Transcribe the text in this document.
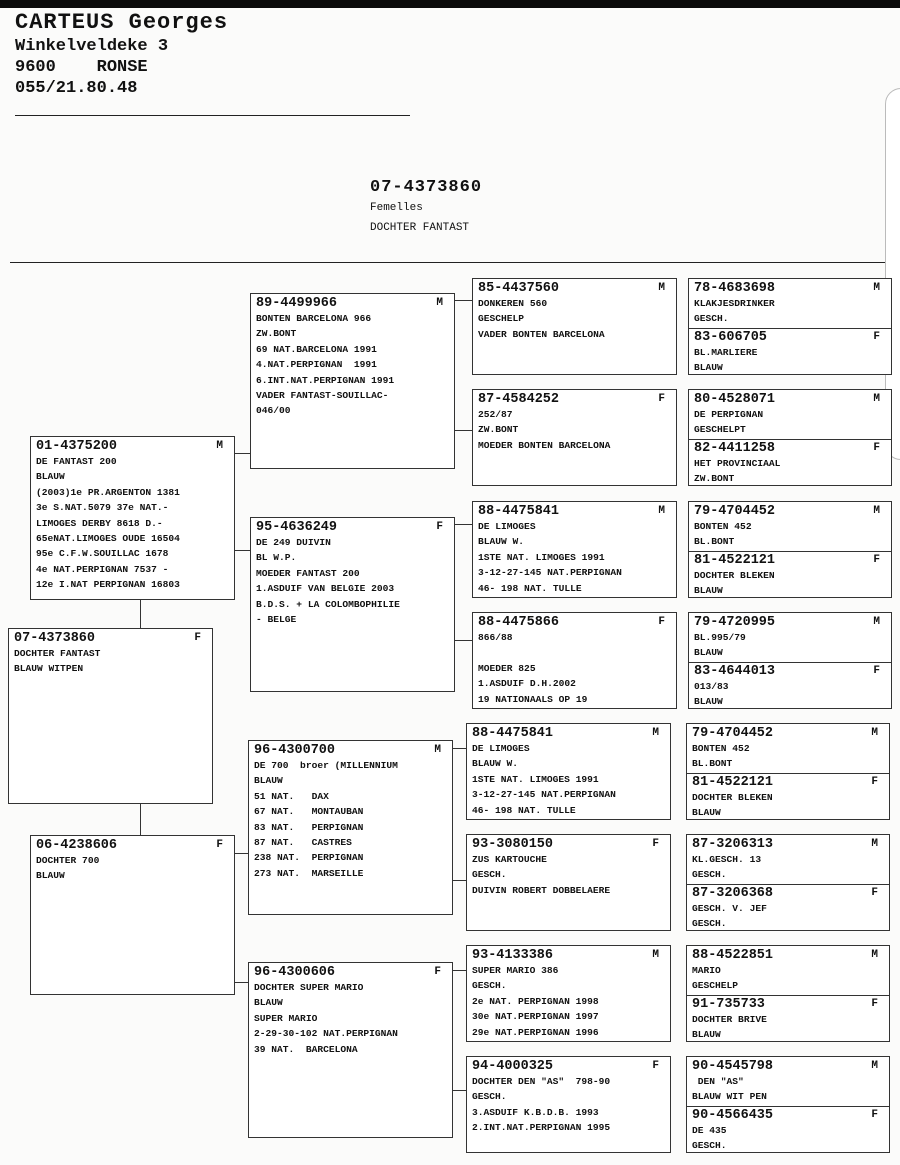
CARTEUS Georges
Winkelveldeke 3
9600 RONSE
055/21.80.48
07-4373860
Femelles
DOCHTER FANTAST
07-4373860	F
DOCHTER FANTAST
BLAUW WITPEN
01-4375200	M
DE FANTAST 200
BLAUW
(2003)1e PR.ARGENTON 1381
3e S.NAT.5079 37e NAT.-
LIMOGES DERBY 8618 D.-
65eNAT.LIMOGES OUDE 16504
95e C.F.W.SOUILLAC 1678
4e NAT.PERPIGNAN 7537 -
12e I.NAT PERPIGNAN 16803
06-4238606	F
DOCHTER 700
BLAUW
89-4499966	M
BONTEN BARCELONA 966
ZW.BONT
69 NAT.BARCELONA 1991
4.NAT.PERPIGNAN  1991
6.INT.NAT.PERPIGNAN 1991
VADER FANTAST-SOUILLAC-
046/00
95-4636249	F
DE 249 DUIVIN
BL W.P.
MOEDER FANTAST 200
1.ASDUIF VAN BELGIE 2003
B.D.S. + LA COLOMBOPHILIE
- BELGE
96-4300700	M
DE 700  broer (MILLENNIUM
BLAUW
51 NAT.   DAX
67 NAT.   MONTAUBAN
83 NAT.   PERPIGNAN
87 NAT.   CASTRES
238 NAT.  PERPIGNAN
273 NAT.  MARSEILLE
96-4300606	F
DOCHTER SUPER MARIO
BLAUW
SUPER MARIO
2-29-30-102 NAT.PERPIGNAN
39 NAT.  BARCELONA
85-4437560	M
DONKEREN 560
GESCHELP
VADER BONTEN BARCELONA
87-4584252	F
252/87
ZW.BONT
MOEDER BONTEN BARCELONA
88-4475841	M
DE LIMOGES
BLAUW W.
1STE NAT. LIMOGES 1991
3-12-27-145 NAT.PERPIGNAN
46- 198 NAT. TULLE
88-4475866	F
866/88

MOEDER 825
1.ASDUIF D.H.2002
19 NATIONAALS OP 19
88-4475841	M
DE LIMOGES
BLAUW W.
1STE NAT. LIMOGES 1991
3-12-27-145 NAT.PERPIGNAN
46- 198 NAT. TULLE
93-3080150	F
ZUS KARTOUCHE
GESCH.
DUIVIN ROBERT DOBBELAERE
93-4133386	M
SUPER MARIO 386
GESCH.
2e NAT. PERPIGNAN 1998
30e NAT.PERPIGNAN 1997
29e NAT.PERPIGNAN 1996
94-4000325	F
DOCHTER DEN "AS"  798-90
GESCH.
3.ASDUIF K.B.D.B. 1993
2.INT.NAT.PERPIGNAN 1995
78-4683698	M
KLAKJESDRINKER
GESCH.
83-606705	F
BL.MARLIERE
BLAUW
80-4528071	M
DE PERPIGNAN
GESCHELPT
82-4411258	F
HET PROVINCIAAL
ZW.BONT
79-4704452	M
BONTEN 452
BL.BONT
81-4522121	F
DOCHTER BLEKEN
BLAUW
79-4720995	M
BL.995/79
BLAUW
83-4644013	F
013/83
BLAUW
79-4704452	M
BONTEN 452
BL.BONT
81-4522121	F
DOCHTER BLEKEN
BLAUW
87-3206313	M
KL.GESCH. 13
GESCH.
87-3206368	F
GESCH. V. JEF
GESCH.
88-4522851	M
MARIO
GESCHELP
91-735733	F
DOCHTER BRIVE
BLAUW
90-4545798	M
DEN "AS"
BLAUW WIT PEN
90-4566435	F
DE 435
GESCH.
